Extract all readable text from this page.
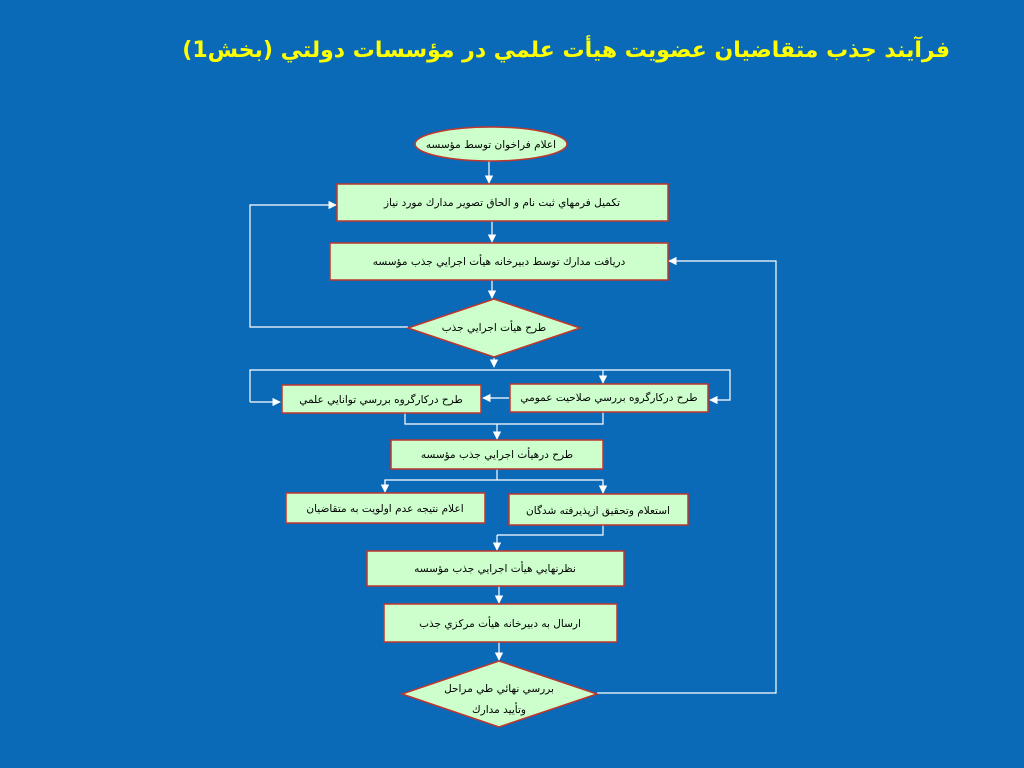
فرآيند جذب متقاضيان عضويت هيأت علمي در مؤسسات دولتي (بخش1)
اعلام فراخوان توسط مؤسسه
تكميل فرمهاي ثبت نام و الحاق تصوير مدارك مورد نياز
دريافت مدارك توسط دبيرخانه هيأت اجرايي جذب مؤسسه
طرح هيأت اجرايي جذب
طرح دركارگروه بررسي صلاحيت عمومي
طرح دركارگروه بررسي توانايي علمي
طرح درهيأت اجرايي جذب مؤسسه
اعلام نتيجه عدم اولويت به متقاضيان	استعلام وتحقيق ازپذيرفته شدگان
نظرنهايي هيأت اجرايي جذب مؤسسه
ارسال به دبيرخانه هيأت مركزي جذب
بررسي نهائي طي مراحل
وتأييد مدارك
